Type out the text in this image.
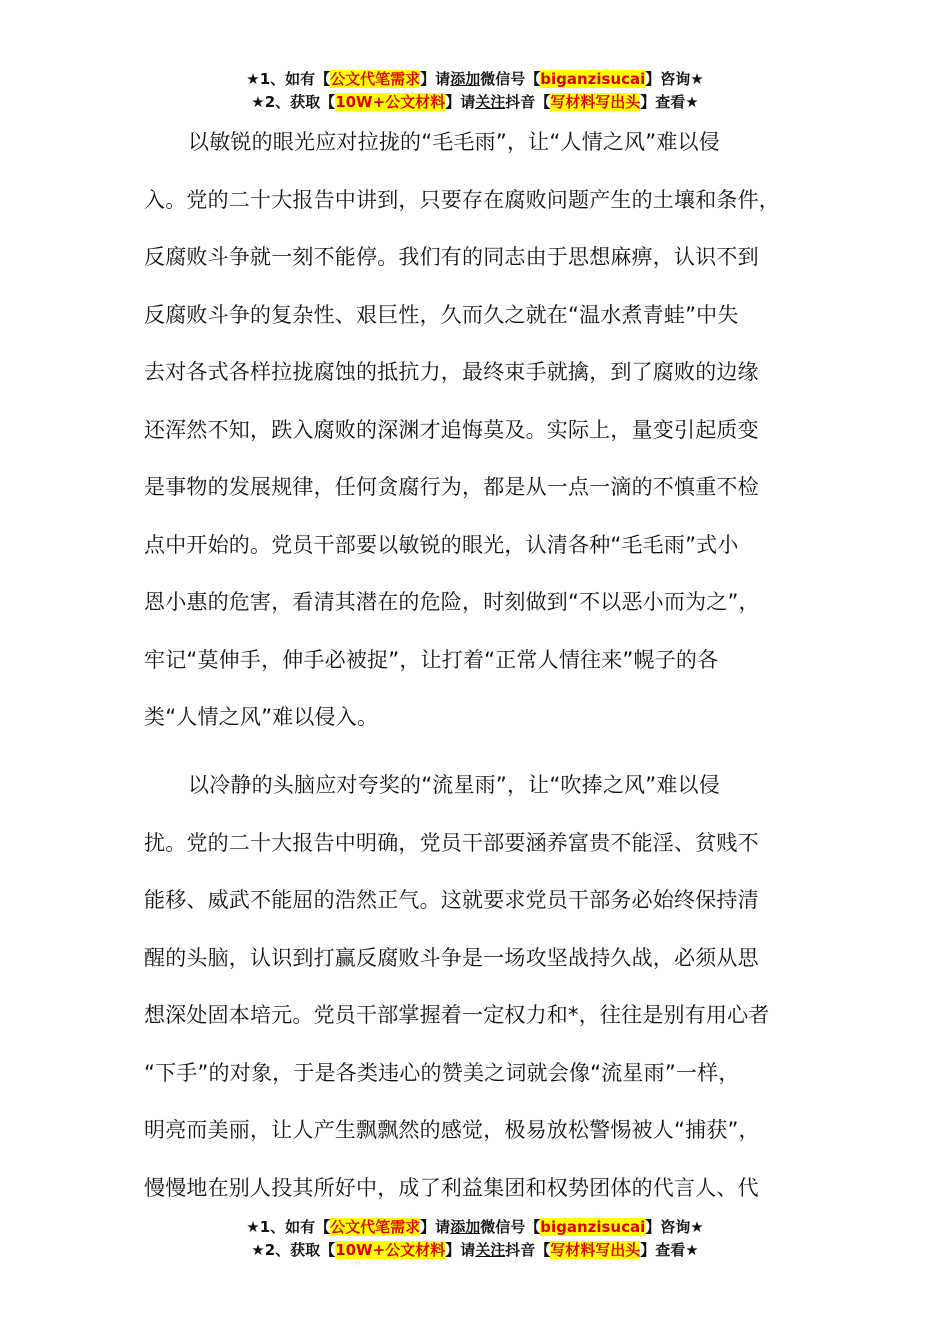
★1、如有【公文代笔需求】请添加微信号【biganzisucai】咨询★
★2、获取【10W+公文材料】请关注抖音【写材料写出头】查看★
以敏锐的眼光应对拉拢的“毛毛雨”，让“人情之风”难以侵
入。党的二十大报告中讲到，只要存在腐败问题产生的土壤和条件，
反腐败斗争就一刻不能停。我们有的同志由于思想麻痹，认识不到
反腐败斗争的复杂性、艰巨性，久而久之就在“温水煮青蛙”中失
去对各式各样拉拢腐蚀的抵抗力，最终束手就擒，到了腐败的边缘
还浑然不知，跌入腐败的深渊才追悔莫及。实际上，量变引起质变
是事物的发展规律，任何贪腐行为，都是从一点一滴的不慎重不检
点中开始的。党员干部要以敏锐的眼光，认清各种“毛毛雨”式小
恩小惠的危害，看清其潜在的危险，时刻做到“不以恶小而为之”，
牢记“莫伸手，伸手必被捉”，让打着“正常人情往来”幌子的各
类“人情之风”难以侵入。
以冷静的头脑应对夸奖的“流星雨”，让“吹捧之风”难以侵
扰。党的二十大报告中明确，党员干部要涵养富贵不能淫、贫贱不
能移、威武不能屈的浩然正气。这就要求党员干部务必始终保持清
醒的头脑，认识到打赢反腐败斗争是一场攻坚战持久战，必须从思
想深处固本培元。党员干部掌握着一定权力和*，往往是别有用心者
“下手”的对象，于是各类违心的赞美之词就会像“流星雨”一样，
明亮而美丽，让人产生飘飘然的感觉，极易放松警惕被人“捕获”，
慢慢地在别人投其所好中，成了利益集团和权势团体的代言人、代
★1、如有【公文代笔需求】请添加微信号【biganzisucai】咨询★
★2、获取【10W+公文材料】请关注抖音【写材料写出头】查看★
